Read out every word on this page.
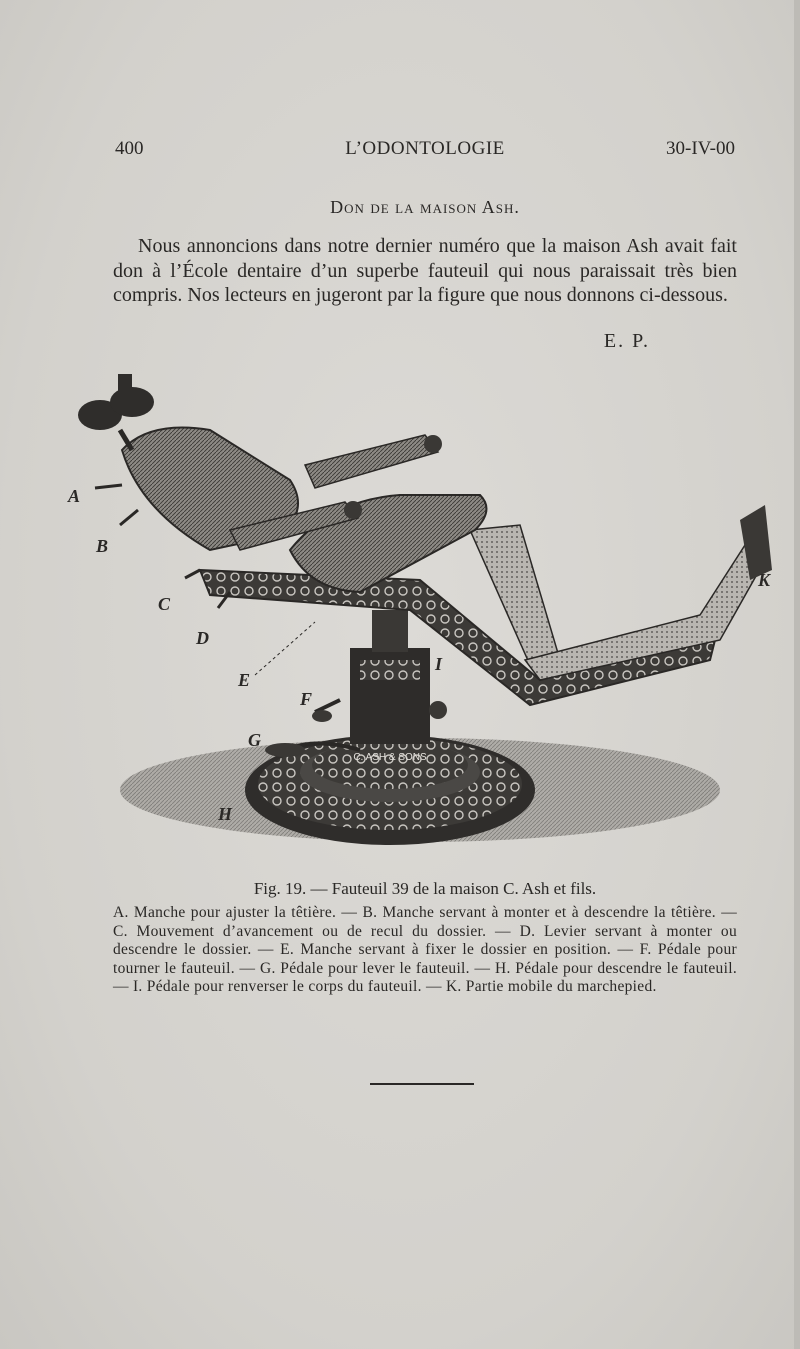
400	L’ODONTOLOGIE	30-IV-00
Don de la maison Ash.

Nous annoncions dans notre dernier numéro que la maison Ash avait fait don à l’École dentaire d’un superbe fauteuil qui nous paraissait très bien compris. Nos lecteurs en jugeront par la figure que nous donnons ci-dessous.

E. P.
C. ASH & SONS
A
B
C
D
E
F
G
H
I
K
Fig. 19. — Fauteuil 39 de la maison C. Ash et fils.

A. Manche pour ajuster la têtière. — B. Manche servant à monter et à descendre la têtière. — C. Mouvement d’avancement ou de recul du dossier. — D. Levier servant à monter ou descendre le dossier. — E. Manche servant à fixer le dossier en position. — F. Pédale pour tourner le fauteuil. — G. Pédale pour lever le fauteuil. — H. Pédale pour descendre le fauteuil. — I. Pédale pour renverser le corps du fauteuil. — K. Partie mobile du marchepied.
